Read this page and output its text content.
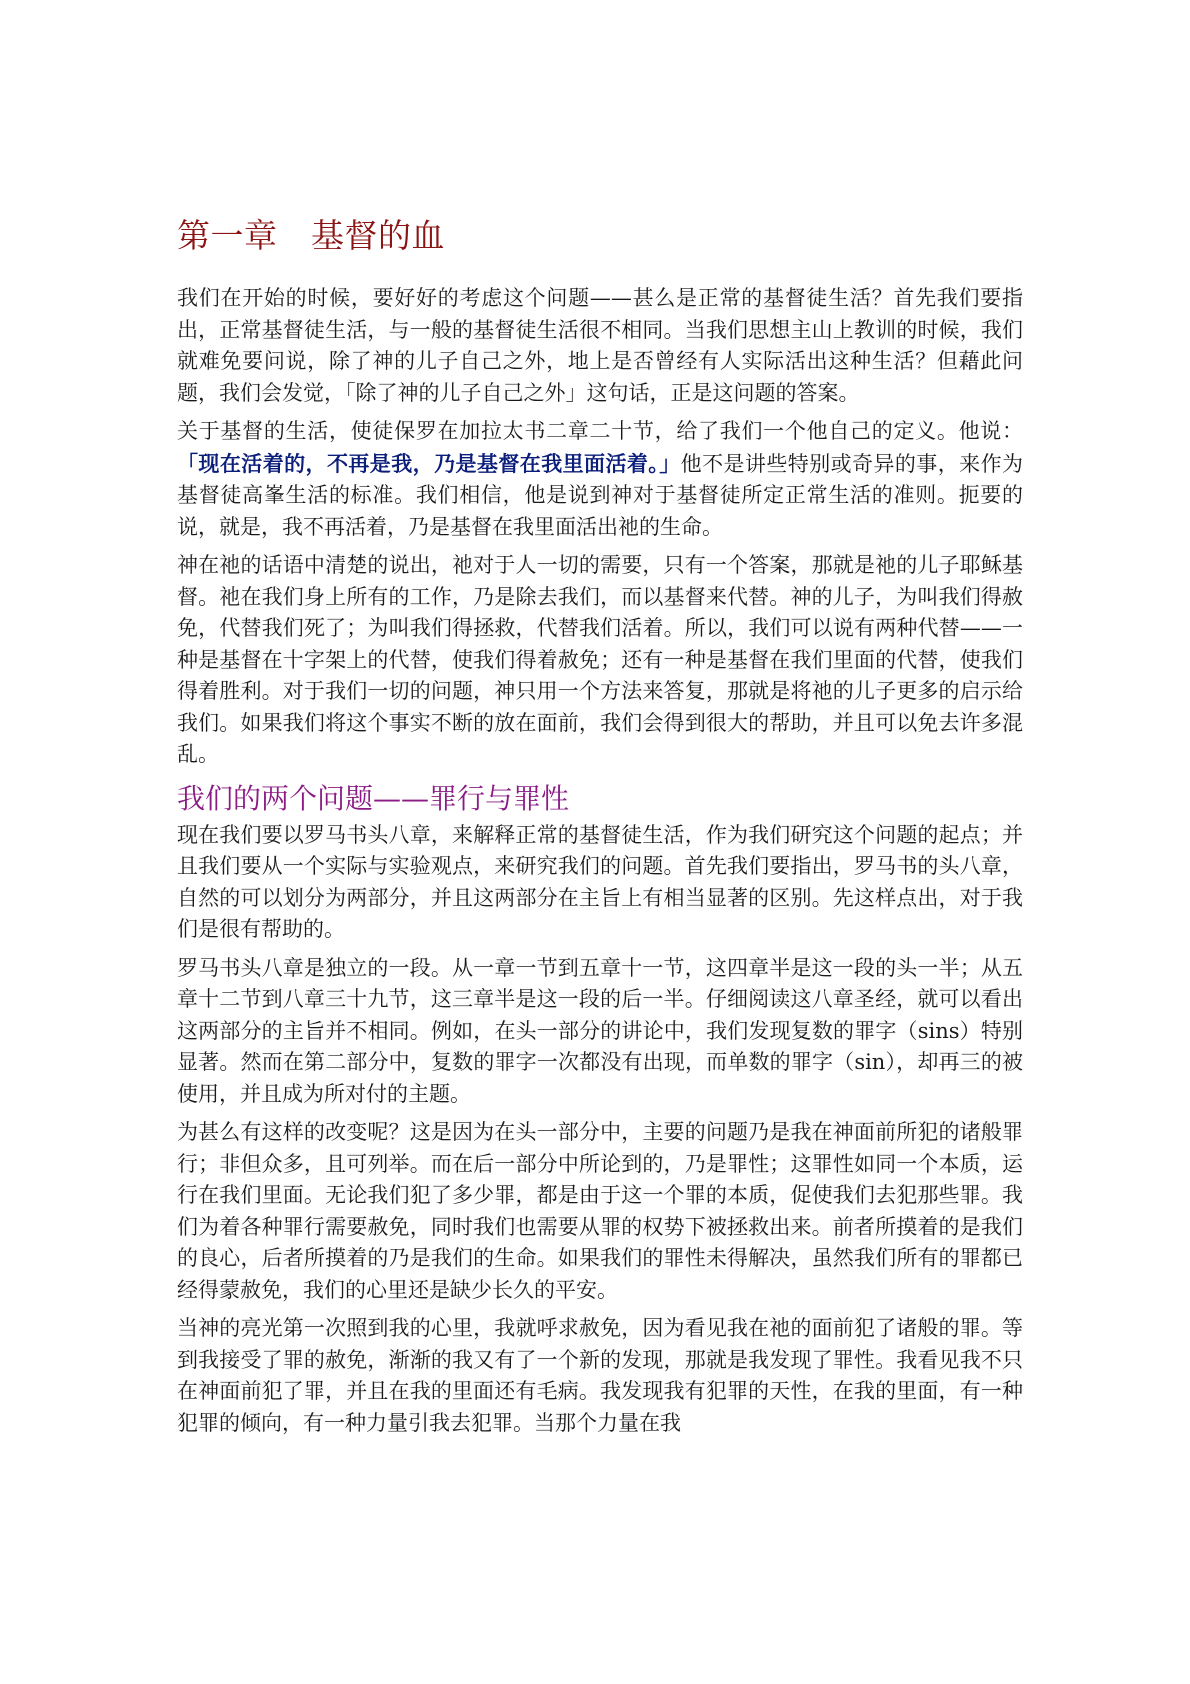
第一章　基督的血

我们在开始的时候，要好好的考虑这个问题——甚么是正常的基督徒生活？首先我们要指出，正常基督徒生活，与一般的基督徒生活很不相同。当我们思想主山上教训的时候，我们就难免要问说，除了神的儿子自己之外，地上是否曾经有人实际活出这种生活？但藉此问题，我们会发觉，「除了神的儿子自己之外」这句话，正是这问题的答案。

关于基督的生活，使徒保罗在加拉太书二章二十节，给了我们一个他自己的定义。他说：「现在活着的，不再是我，乃是基督在我里面活着。」他不是讲些特别或奇异的事，来作为基督徒高峯生活的标准。我们相信，他是说到神对于基督徒所定正常生活的准则。扼要的说，就是，我不再活着，乃是基督在我里面活出祂的生命。

神在祂的话语中清楚的说出，祂对于人一切的需要，只有一个答案，那就是祂的儿子耶稣基督。祂在我们身上所有的工作，乃是除去我们，而以基督来代替。神的儿子，为叫我们得赦免，代替我们死了；为叫我们得拯救，代替我们活着。所以，我们可以说有两种代替——一种是基督在十字架上的代替，使我们得着赦免；还有一种是基督在我们里面的代替，使我们得着胜利。对于我们一切的问题，神只用一个方法来答复，那就是将祂的儿子更多的启示给我们。如果我们将这个事实不断的放在面前，我们会得到很大的帮助，并且可以免去许多混乱。

我们的两个问题——罪行与罪性

现在我们要以罗马书头八章，来解释正常的基督徒生活，作为我们研究这个问题的起点；并且我们要从一个实际与实验观点，来研究我们的问题。首先我们要指出，罗马书的头八章，自然的可以划分为两部分，并且这两部分在主旨上有相当显著的区别。先这样点出，对于我们是很有帮助的。

罗马书头八章是独立的一段。从一章一节到五章十一节，这四章半是这一段的头一半；从五章十二节到八章三十九节，这三章半是这一段的后一半。仔细阅读这八章圣经，就可以看出这两部分的主旨并不相同。例如，在头一部分的讲论中，我们发现复数的罪字（sins）特别显著。然而在第二部分中，复数的罪字一次都没有出现，而单数的罪字（sin），却再三的被使用，并且成为所对付的主题。

为甚么有这样的改变呢？这是因为在头一部分中，主要的问题乃是我在神面前所犯的诸般罪行；非但众多，且可列举。而在后一部分中所论到的，乃是罪性；这罪性如同一个本质，运行在我们里面。无论我们犯了多少罪，都是由于这一个罪的本质，促使我们去犯那些罪。我们为着各种罪行需要赦免，同时我们也需要从罪的权势下被拯救出来。前者所摸着的是我们的良心，后者所摸着的乃是我们的生命。如果我们的罪性未得解决，虽然我们所有的罪都已经得蒙赦免，我们的心里还是缺少长久的平安。

当神的亮光第一次照到我的心里，我就呼求赦免，因为看见我在祂的面前犯了诸般的罪。等到我接受了罪的赦免，渐渐的我又有了一个新的发现，那就是我发现了罪性。我看见我不只在神面前犯了罪，并且在我的里面还有毛病。我发现我有犯罪的天性，在我的里面，有一种犯罪的倾向，有一种力量引我去犯罪。当那个力量在我
